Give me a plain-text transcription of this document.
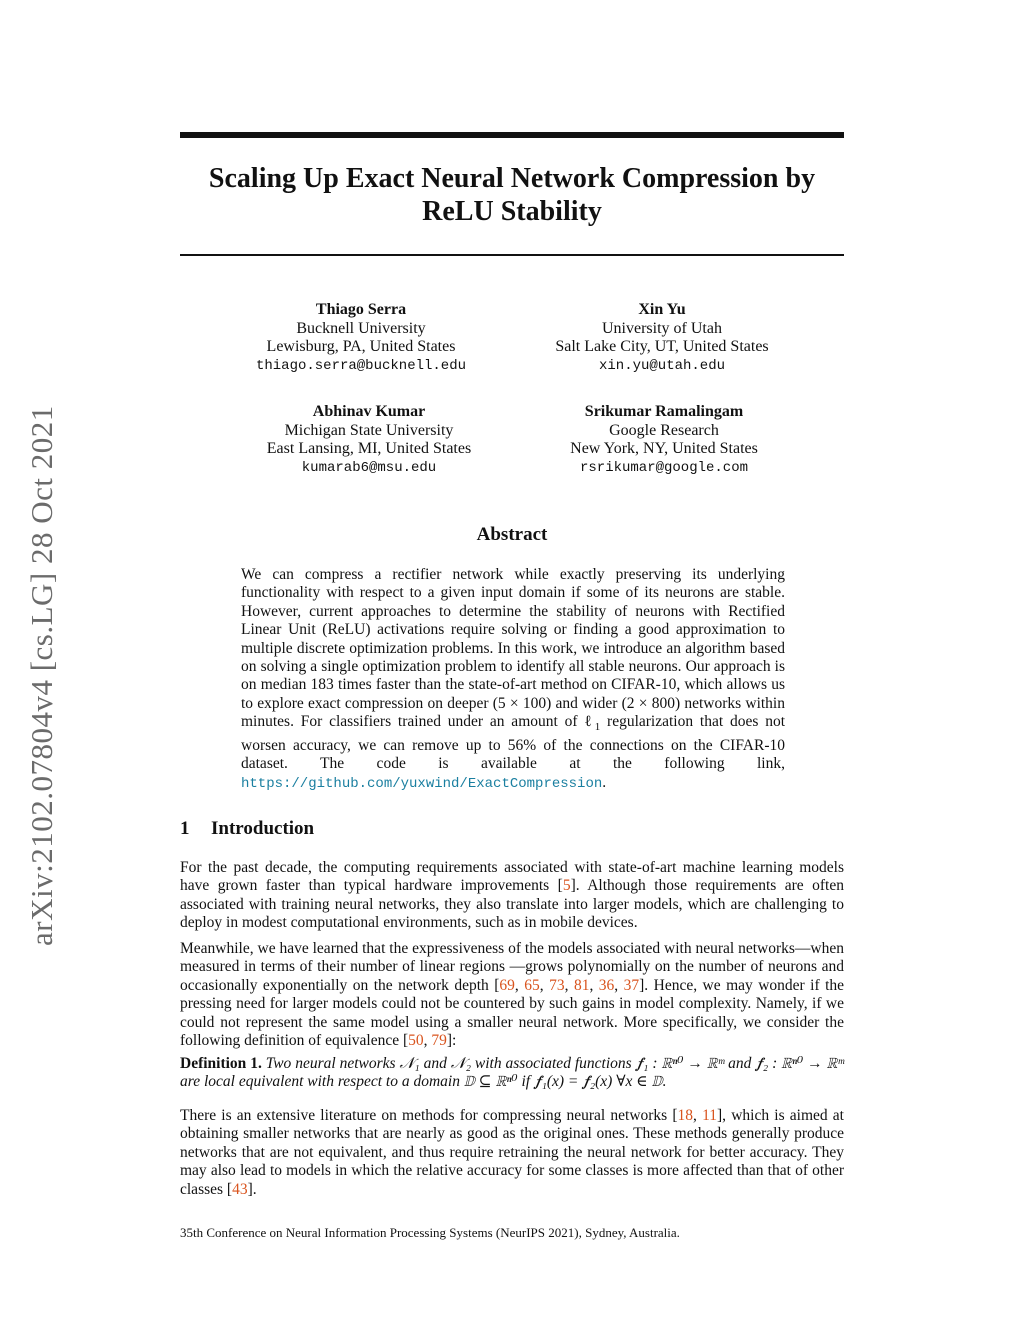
arXiv:2102.07804v4 [cs.LG] 28 Oct 2021
Scaling Up Exact Neural Network Compression by
ReLU Stability
Thiago Serra
Bucknell University
Lewisburg, PA, United States
thiago.serra@bucknell.edu
Xin Yu
University of Utah
Salt Lake City, UT, United States
xin.yu@utah.edu
Abhinav Kumar
Michigan State University
East Lansing, MI, United States
kumarab6@msu.edu
Srikumar Ramalingam
Google Research
New York, NY, United States
rsrikumar@google.com
Abstract
We can compress a rectifier network while exactly preserving its underlying functionality with respect to a given input domain if some of its neurons are stable. However, current approaches to determine the stability of neurons with Rectified Linear Unit (ReLU) activations require solving or finding a good approximation to multiple discrete optimization problems. In this work, we introduce an algorithm based on solving a single optimization problem to identify all stable neurons. Our approach is on median 183 times faster than the state-of-art method on CIFAR-10, which allows us to explore exact compression on deeper (5 × 100) and wider (2 × 800) networks within minutes. For classifiers trained under an amount of ℓ$_1$ regularization that does not worsen accuracy, we can remove up to 56% of the connections on the CIFAR-10 dataset. The code is available at the following link, https://github.com/yuxwind/ExactCompression.
1 Introduction
For the past decade, the computing requirements associated with state-of-art machine learning models have grown faster than typical hardware improvements [5]. Although those requirements are often associated with training neural networks, they also translate into larger models, which are challenging to deploy in modest computational environments, such as in mobile devices.
Meanwhile, we have learned that the expressiveness of the models associated with neural networks—when measured in terms of their number of linear regions —grows polynomially on the number of neurons and occasionally exponentially on the network depth [69, 65, 73, 81, 36, 37]. Hence, we may wonder if the pressing need for larger models could not be countered by such gains in model complexity. Namely, if we could not represent the same model using a smaller neural network. More specifically, we consider the following definition of equivalence [50, 79]:
Definition 1. Two neural networks 𝒩₁ and 𝒩₂ with associated functions 𝒇₁ : ℝⁿ⁰ → ℝᵐ and 𝒇₂ : ℝⁿ⁰ → ℝᵐ are local equivalent with respect to a domain 𝔻 ⊆ ℝⁿ⁰ if 𝒇₁(x) = 𝒇₂(x) ∀x ∈ 𝔻.
There is an extensive literature on methods for compressing neural networks [18, 11], which is aimed at obtaining smaller networks that are nearly as good as the original ones. These methods generally produce networks that are not equivalent, and thus require retraining the neural network for better accuracy. They may also lead to models in which the relative accuracy for some classes is more affected than that of other classes [43].
35th Conference on Neural Information Processing Systems (NeurIPS 2021), Sydney, Australia.
